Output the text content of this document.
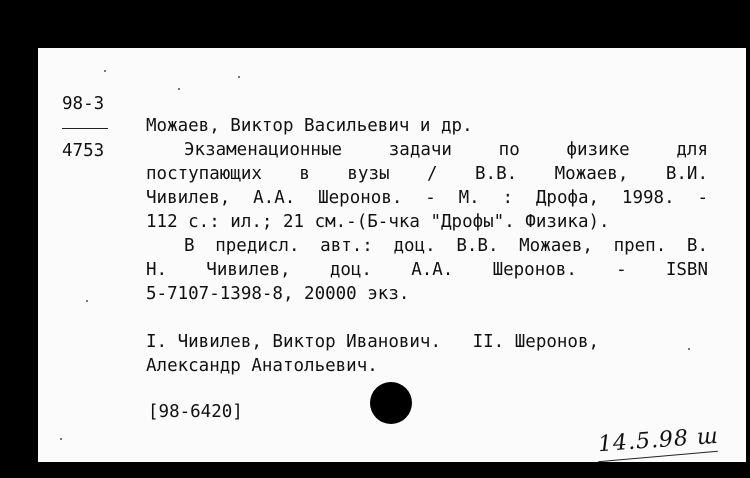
98-3
4753
Можаев, Виктор Васильевич и др.
Экзаменационные задачи по физике для
поступающих в вузы / В.В. Можаев, В.И.
Чивилев, А.А. Шеронов. - М. : Дрофа, 1998. -
112 с.: ил.; 21 см.-(Б-чка "Дрофы". Физика).
В предисл. авт.: доц. В.В. Можаев, преп. В.
Н. Чивилев, доц. А.А. Шеронов. - ISBN
5-7107-1398-8, 20000 экз.
I. Чивилев, Виктор Иванович.   II. Шеронов,
Александр Анатольевич.
[98-6420]
14.5.98 ш
